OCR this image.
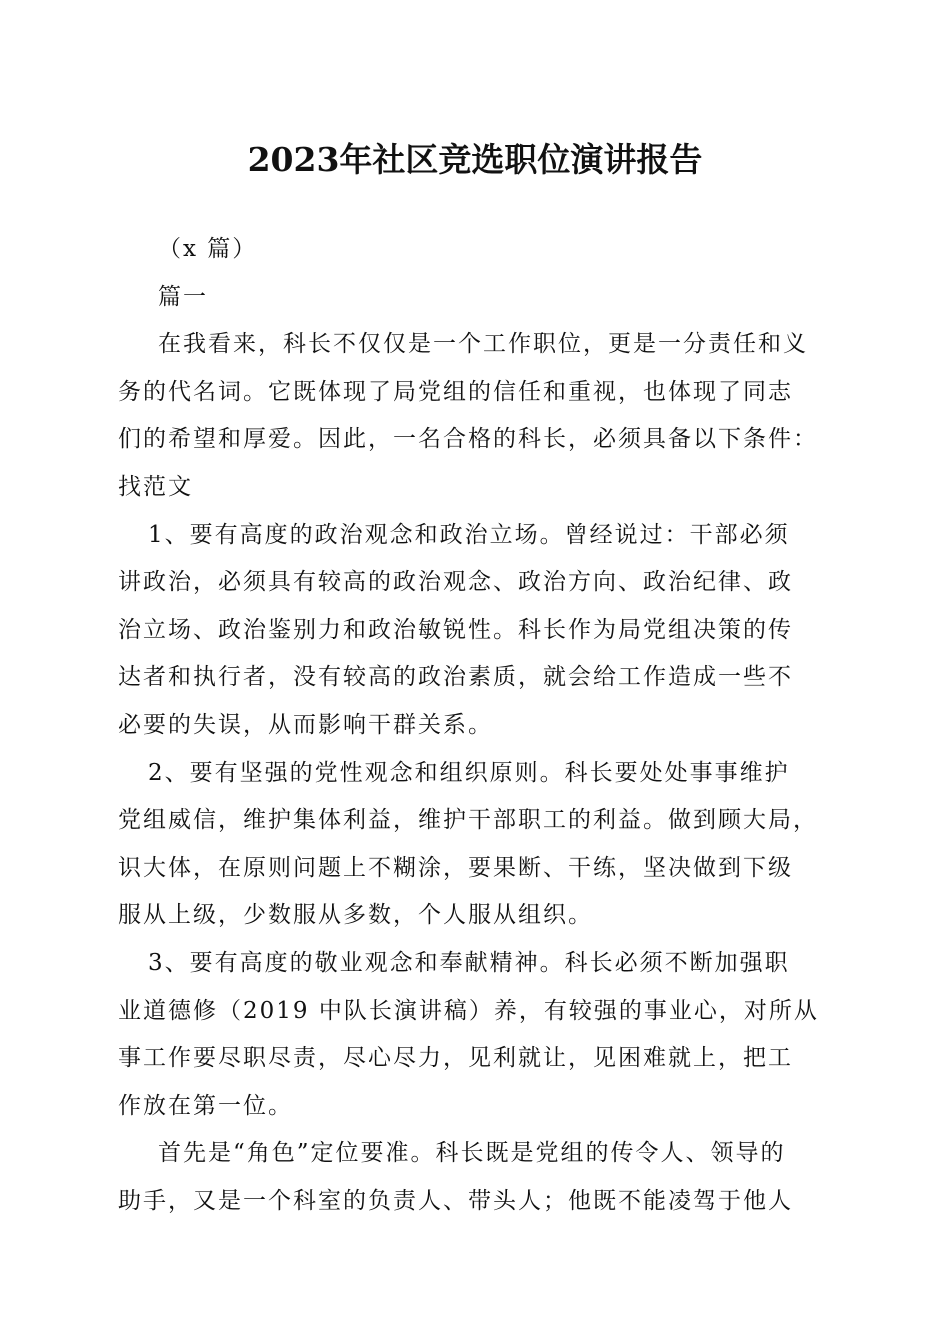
2023年社区竞选职位演讲报告

（x 篇）

篇一

在我看来，科长不仅仅是一个工作职位，更是一分责任和义

务的代名词。它既体现了局党组的信任和重视，也体现了同志

们的希望和厚爱。因此，一名合格的科长，必须具备以下条件：

找范文

1、要有高度的政治观念和政治立场。曾经说过：干部必须

讲政治，必须具有较高的政治观念、政治方向、政治纪律、政

治立场、政治鉴别力和政治敏锐性。科长作为局党组决策的传

达者和执行者，没有较高的政治素质，就会给工作造成一些不

必要的失误，从而影响干群关系。

2、要有坚强的党性观念和组织原则。科长要处处事事维护

党组威信，维护集体利益，维护干部职工的利益。做到顾大局，

识大体，在原则问题上不糊涂，要果断、干练，坚决做到下级

服从上级，少数服从多数，个人服从组织。

3、要有高度的敬业观念和奉献精神。科长必须不断加强职

业道德修（2019 中队长演讲稿）养，有较强的事业心，对所从

事工作要尽职尽责，尽心尽力，见利就让，见困难就上，把工

作放在第一位。

首先是“角色”定位要准。科长既是党组的传令人、领导的

助手，又是一个科室的负责人、带头人；他既不能凌驾于他人
